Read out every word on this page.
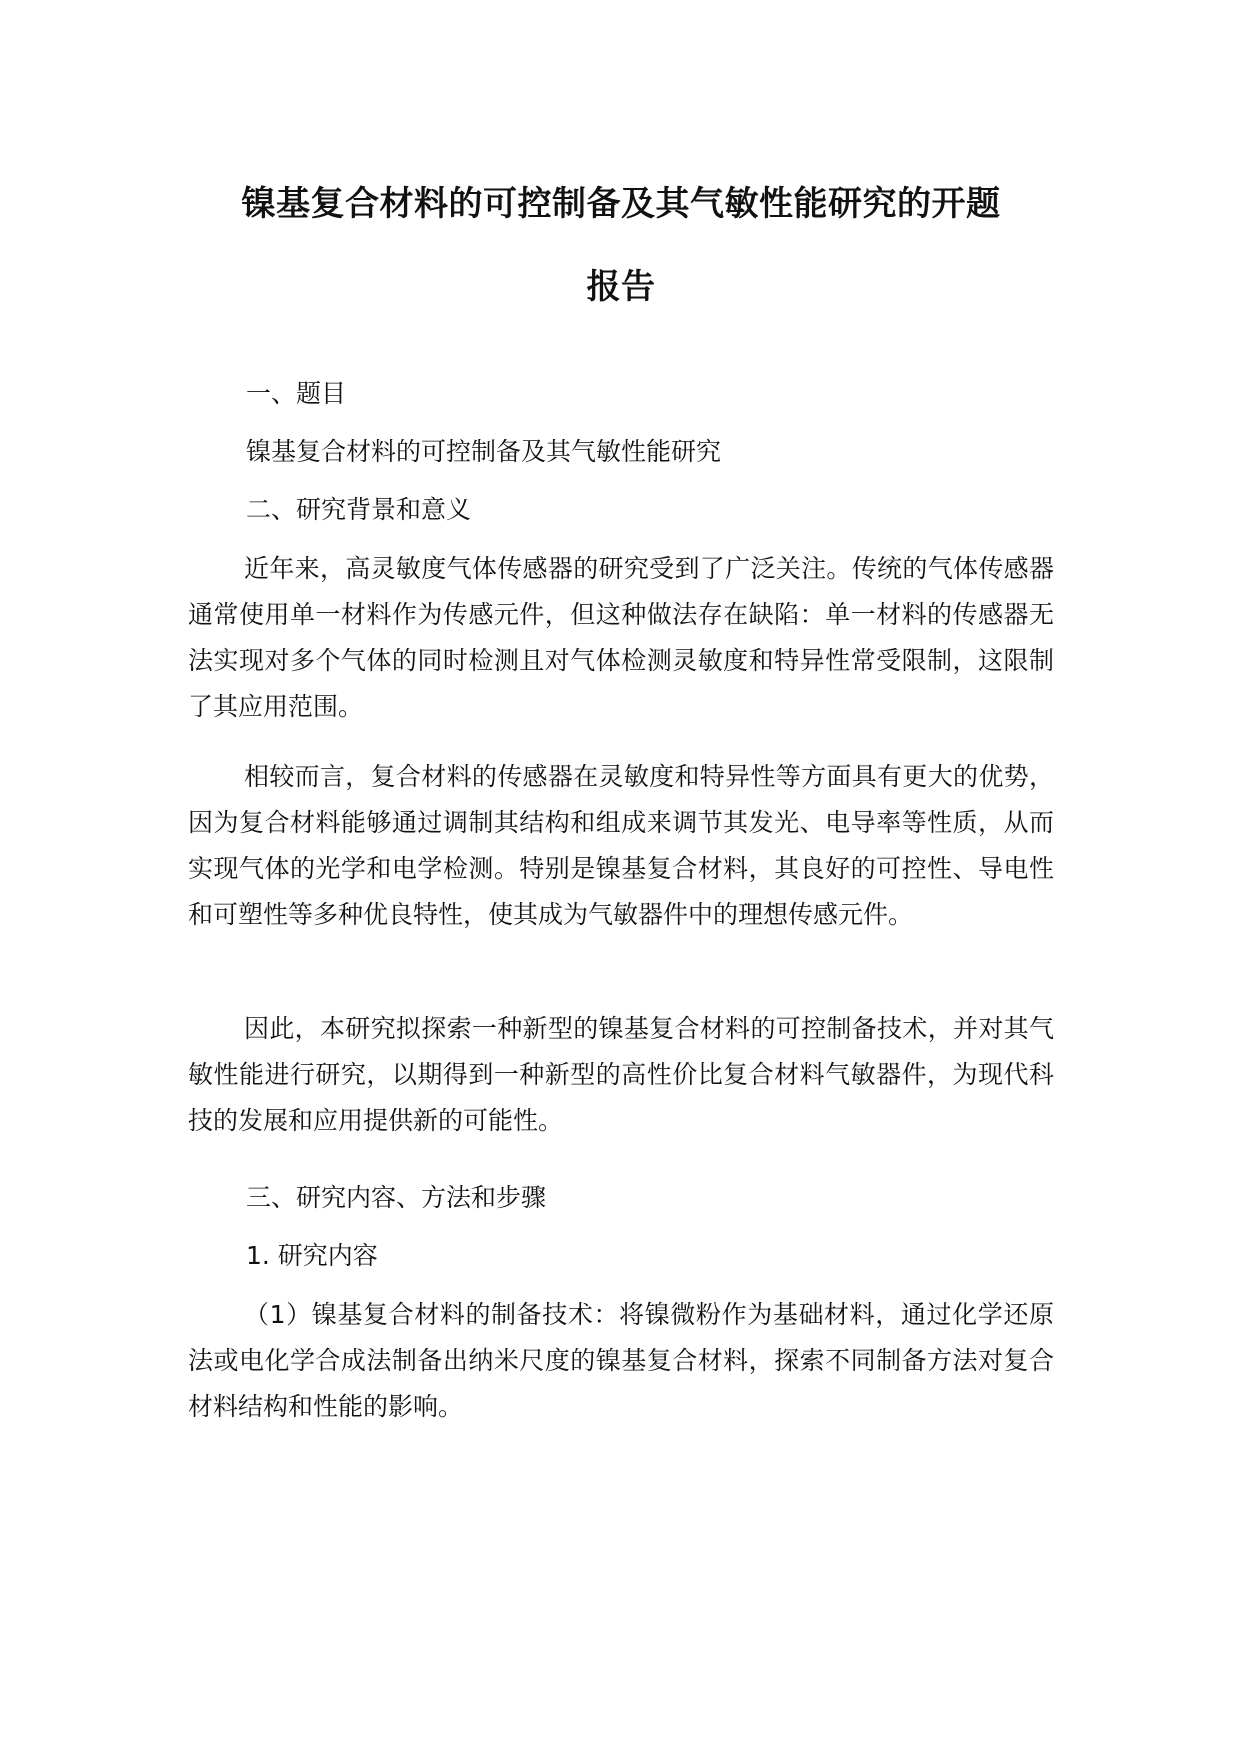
镍基复合材料的可控制备及其气敏性能研究的开题
报告

一、题目

镍基复合材料的可控制备及其气敏性能研究

二、研究背景和意义

近年来，高灵敏度气体传感器的研究受到了广泛关注。传统的气体传感器通常使用单一材料作为传感元件，但这种做法存在缺陷：单一材料的传感器无法实现对多个气体的同时检测且对气体检测灵敏度和特异性常受限制，这限制了其应用范围。

相较而言，复合材料的传感器在灵敏度和特异性等方面具有更大的优势，因为复合材料能够通过调制其结构和组成来调节其发光、电导率等性质，从而实现气体的光学和电学检测。特别是镍基复合材料，其良好的可控性、导电性和可塑性等多种优良特性，使其成为气敏器件中的理想传感元件。

因此，本研究拟探索一种新型的镍基复合材料的可控制备技术，并对其气敏性能进行研究，以期得到一种新型的高性价比复合材料气敏器件，为现代科技的发展和应用提供新的可能性。

三、研究内容、方法和步骤

1. 研究内容

（1）镍基复合材料的制备技术：将镍微粉作为基础材料，通过化学还原法或电化学合成法制备出纳米尺度的镍基复合材料，探索不同制备方法对复合材料结构和性能的影响。
